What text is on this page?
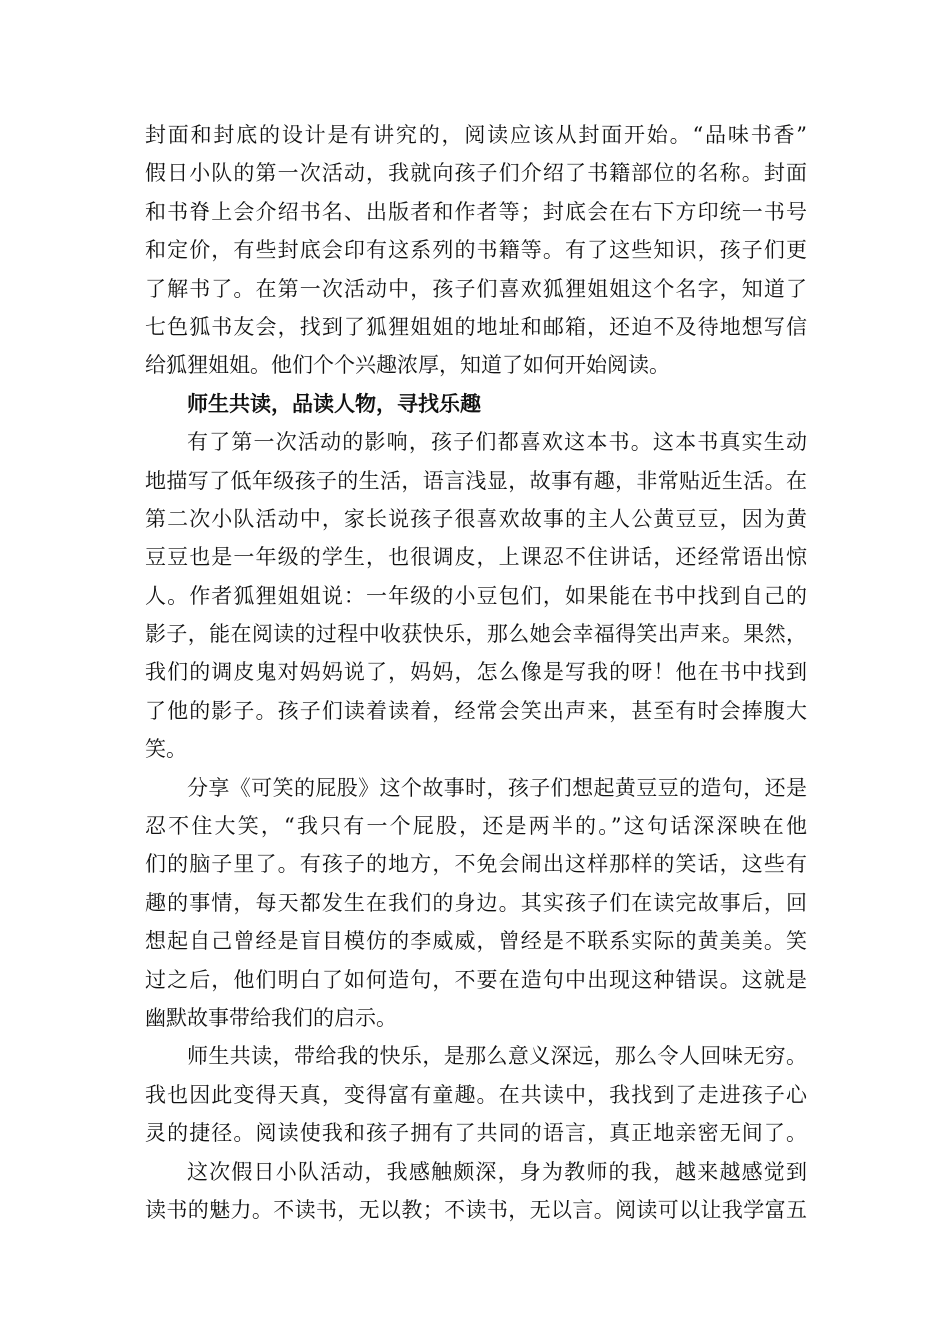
封面和封底的设计是有讲究的，阅读应该从封面开始。“品味书香”
假日小队的第一次活动，我就向孩子们介绍了书籍部位的名称。封面
和书脊上会介绍书名、出版者和作者等；封底会在右下方印统一书号
和定价，有些封底会印有这系列的书籍等。有了这些知识，孩子们更
了解书了。在第一次活动中，孩子们喜欢狐狸姐姐这个名字，知道了
七色狐书友会，找到了狐狸姐姐的地址和邮箱，还迫不及待地想写信
给狐狸姐姐。他们个个兴趣浓厚，知道了如何开始阅读。
师生共读，品读人物，寻找乐趣
有了第一次活动的影响，孩子们都喜欢这本书。这本书真实生动
地描写了低年级孩子的生活，语言浅显，故事有趣，非常贴近生活。在
第二次小队活动中，家长说孩子很喜欢故事的主人公黄豆豆，因为黄
豆豆也是一年级的学生，也很调皮，上课忍不住讲话，还经常语出惊
人。作者狐狸姐姐说：一年级的小豆包们，如果能在书中找到自己的
影子，能在阅读的过程中收获快乐，那么她会幸福得笑出声来。果然，
我们的调皮鬼对妈妈说了，妈妈，怎么像是写我的呀！他在书中找到
了他的影子。孩子们读着读着，经常会笑出声来，甚至有时会捧腹大
笑。
分享《可笑的屁股》这个故事时，孩子们想起黄豆豆的造句，还是
忍不住大笑，“我只有一个屁股，还是两半的。”这句话深深映在他
们的脑子里了。有孩子的地方，不免会闹出这样那样的笑话，这些有
趣的事情，每天都发生在我们的身边。其实孩子们在读完故事后，回
想起自己曾经是盲目模仿的李威威，曾经是不联系实际的黄美美。笑
过之后，他们明白了如何造句，不要在造句中出现这种错误。这就是
幽默故事带给我们的启示。
师生共读，带给我的快乐，是那么意义深远，那么令人回味无穷。
我也因此变得天真，变得富有童趣。在共读中，我找到了走进孩子心
灵的捷径。阅读使我和孩子拥有了共同的语言，真正地亲密无间了。
这次假日小队活动，我感触颇深，身为教师的我，越来越感觉到
读书的魅力。不读书，无以教；不读书，无以言。阅读可以让我学富五
